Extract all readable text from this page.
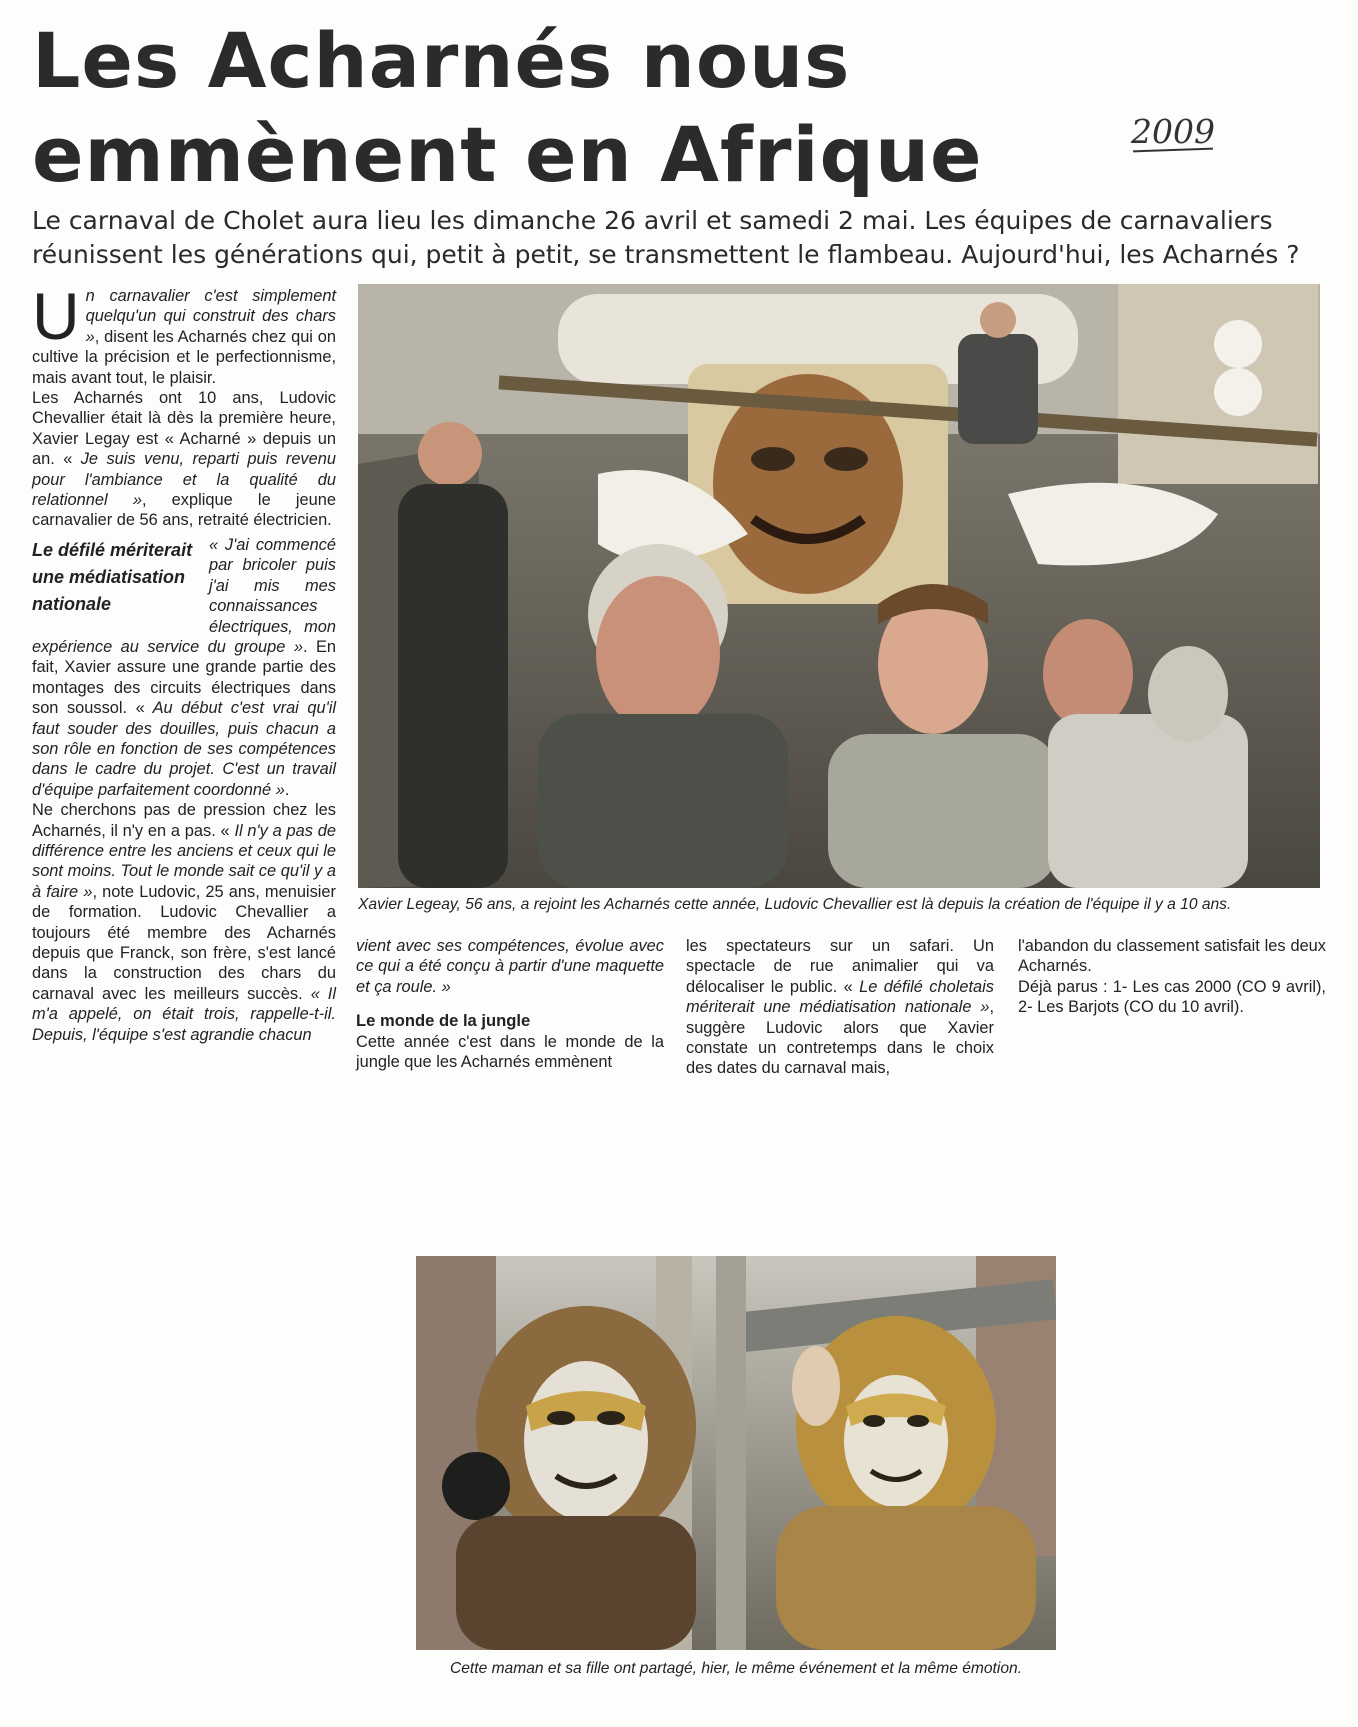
Les Acharnés nous emmènent en Afrique	2009

Le carnaval de Cholet aura lieu les dimanche 26 avril et samedi 2 mai. Les équipes de carnavaliers réunissent les générations qui, petit à petit, se transmettent le flambeau. Aujourd'hui, les Acharnés ?

Un carnavalier c'est simplement quelqu'un qui construit des chars », disent les Acharnés chez qui on cultive la précision et le perfectionnisme, mais avant tout, le plaisir.

Les Acharnés ont 10 ans, Ludovic Chevallier était là dès la première heure, Xavier Legay est « Acharné » depuis un an. « Je suis venu, reparti puis revenu pour l'ambiance et la qualité du relationnel », explique le jeune carnavalier de 56 ans, retraité électricien.

Le défilé mériterait une médiatisation nationale
« J'ai commencé par bricoler puis j'ai mis mes connaissances électriques, mon expérience au service du groupe ». En fait, Xavier assure une grande partie des montages des circuits électriques dans son soussol. « Au début c'est vrai qu'il faut souder des douilles, puis chacun a son rôle en fonction de ses compétences dans le cadre du projet. C'est un travail d'équipe parfaitement coordonné ».

Ne cherchons pas de pression chez les Acharnés, il n'y en a pas. « Il n'y a pas de différence entre les anciens et ceux qui le sont moins. Tout le monde sait ce qu'il y a à faire », note Ludovic, 25 ans, menuisier de formation. Ludovic Chevallier a toujours été membre des Acharnés depuis que Franck, son frère, s'est lancé dans la construction des chars du carnaval avec les meilleurs succès. « Il m'a appelé, on était trois, rappelle-t-il. Depuis, l'équipe s'est agrandie chacun

Xavier Legeay, 56 ans, a rejoint les Acharnés cette année, Ludovic Chevallier est là depuis la création de l'équipe il y a 10 ans.

vient avec ses compétences, évolue avec ce qui a été conçu à partir d'une maquette et ça roule. »

Le monde de la jungle

Cette année c'est dans le monde de la jungle que les Acharnés emmènent

les spectateurs sur un safari. Un spectacle de rue animalier qui va délocaliser le public. « Le défilé choletais mériterait une médiatisation nationale », suggère Ludovic alors que Xavier constate un contretemps dans le choix des dates du carnaval mais,

l'abandon du classement satisfait les deux Acharnés.

Déjà parus : 1- Les cas 2000 (CO 9 avril), 2- Les Barjots (CO du 10 avril).

Cette maman et sa fille ont partagé, hier, le même événement et la même émotion.
